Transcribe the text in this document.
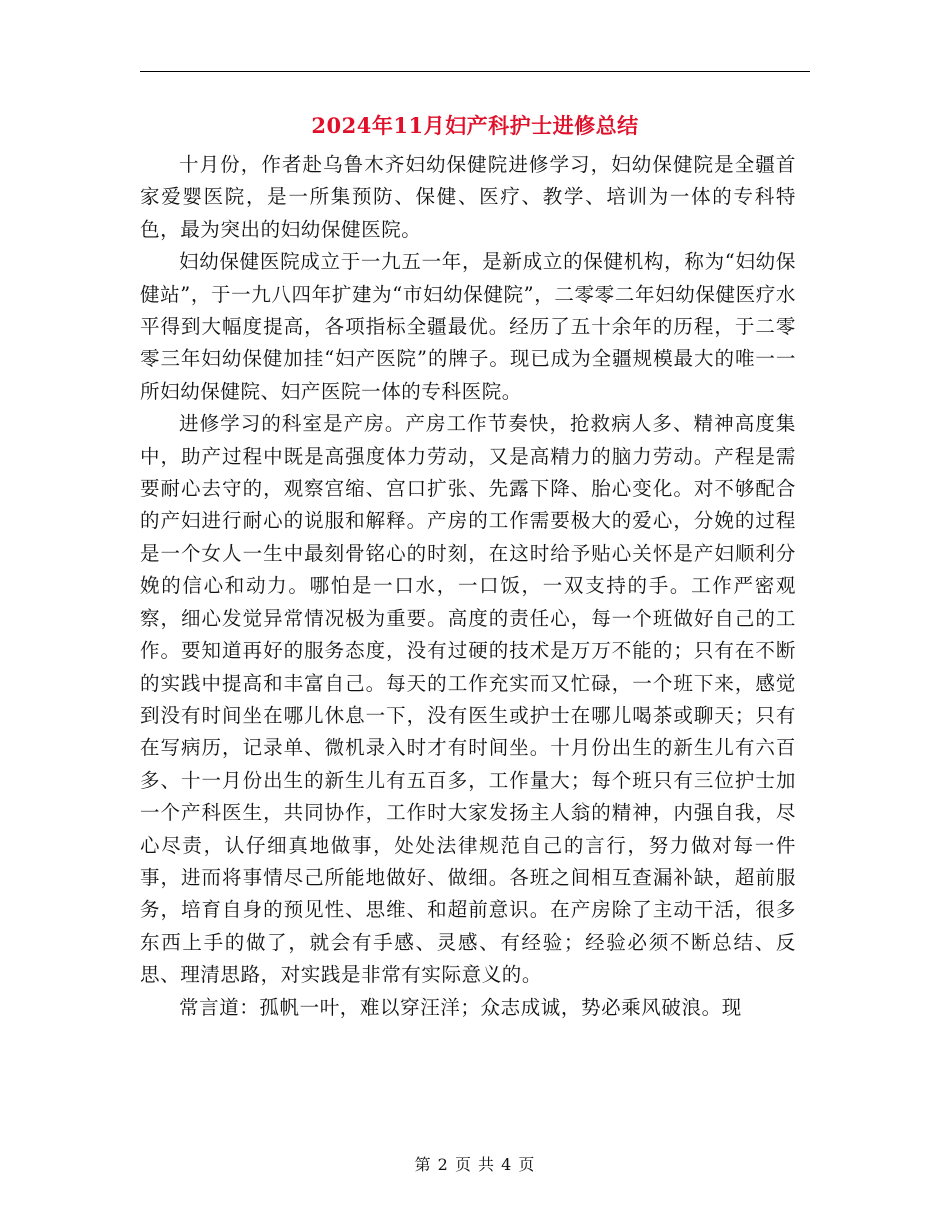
2024年11月妇产科护士进修总结

十月份，作者赴乌鲁木齐妇幼保健院进修学习，妇幼保健院是全疆首家爱婴医院，是一所集预防、保健、医疗、教学、培训为一体的专科特色，最为突出的妇幼保健医院。

妇幼保健医院成立于一九五一年，是新成立的保健机构，称为“妇幼保健站”，于一九八四年扩建为“市妇幼保健院”，二零零二年妇幼保健医疗水平得到大幅度提高，各项指标全疆最优。经历了五十余年的历程，于二零零三年妇幼保健加挂“妇产医院”的牌子。现已成为全疆规模最大的唯一一所妇幼保健院、妇产医院一体的专科医院。

进修学习的科室是产房。产房工作节奏快，抢救病人多、精神高度集中，助产过程中既是高强度体力劳动，又是高精力的脑力劳动。产程是需要耐心去守的，观察宫缩、宫口扩张、先露下降、胎心变化。对不够配合的产妇进行耐心的说服和解释。产房的工作需要极大的爱心，分娩的过程是一个女人一生中最刻骨铭心的时刻，在这时给予贴心关怀是产妇顺利分娩的信心和动力。哪怕是一口水，一口饭，一双支持的手。工作严密观察，细心发觉异常情况极为重要。高度的责任心，每一个班做好自己的工作。要知道再好的服务态度，没有过硬的技术是万万不能的；只有在不断的实践中提高和丰富自己。每天的工作充实而又忙碌，一个班下来，感觉到没有时间坐在哪儿休息一下，没有医生或护士在哪儿喝茶或聊天；只有在写病历，记录单、微机录入时才有时间坐。十月份出生的新生儿有六百多、十一月份出生的新生儿有五百多，工作量大；每个班只有三位护士加一个产科医生，共同协作，工作时大家发扬主人翁的精神，内强自我，尽心尽责，认仔细真地做事，处处法律规范自己的言行，努力做对每一件事，进而将事情尽己所能地做好、做细。各班之间相互查漏补缺，超前服务，培育自身的预见性、思维、和超前意识。在产房除了主动干活，很多东西上手的做了，就会有手感、灵感、有经验；经验必须不断总结、反思、理清思路，对实践是非常有实际意义的。

常言道：孤帆一叶，难以穿汪洋；众志成诚，势必乘风破浪。现

第 2 页 共 4 页
